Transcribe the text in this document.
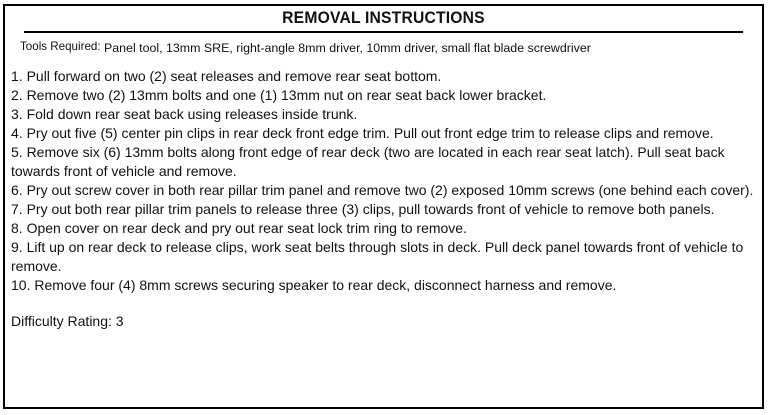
REMOVAL INSTRUCTIONS
Tools Required: Panel tool, 13mm SRE, right-angle 8mm driver, 10mm driver, small flat blade screwdriver
1. Pull forward on two (2) seat releases and remove rear seat bottom.
2. Remove two (2) 13mm bolts and one (1) 13mm nut on rear seat back lower bracket.
3. Fold down rear seat back using releases inside trunk.
4. Pry out five (5) center pin clips in rear deck front edge trim. Pull out front edge trim to release clips and remove.
5. Remove six (6) 13mm bolts along front edge of rear deck (two are located in each rear seat latch). Pull seat back towards front of vehicle and remove.
6. Pry out screw cover in both rear pillar trim panel and remove two (2) exposed 10mm screws (one behind each cover).
7. Pry out both rear pillar trim panels to release three (3) clips, pull towards front of vehicle to remove both panels.
8. Open cover on rear deck and pry out rear seat lock trim ring to remove.
9. Lift up on rear deck to release clips, work seat belts through slots in deck. Pull deck panel towards front of vehicle to remove.
10. Remove four (4) 8mm screws securing speaker to rear deck, disconnect harness and remove.
Difficulty Rating: 3
